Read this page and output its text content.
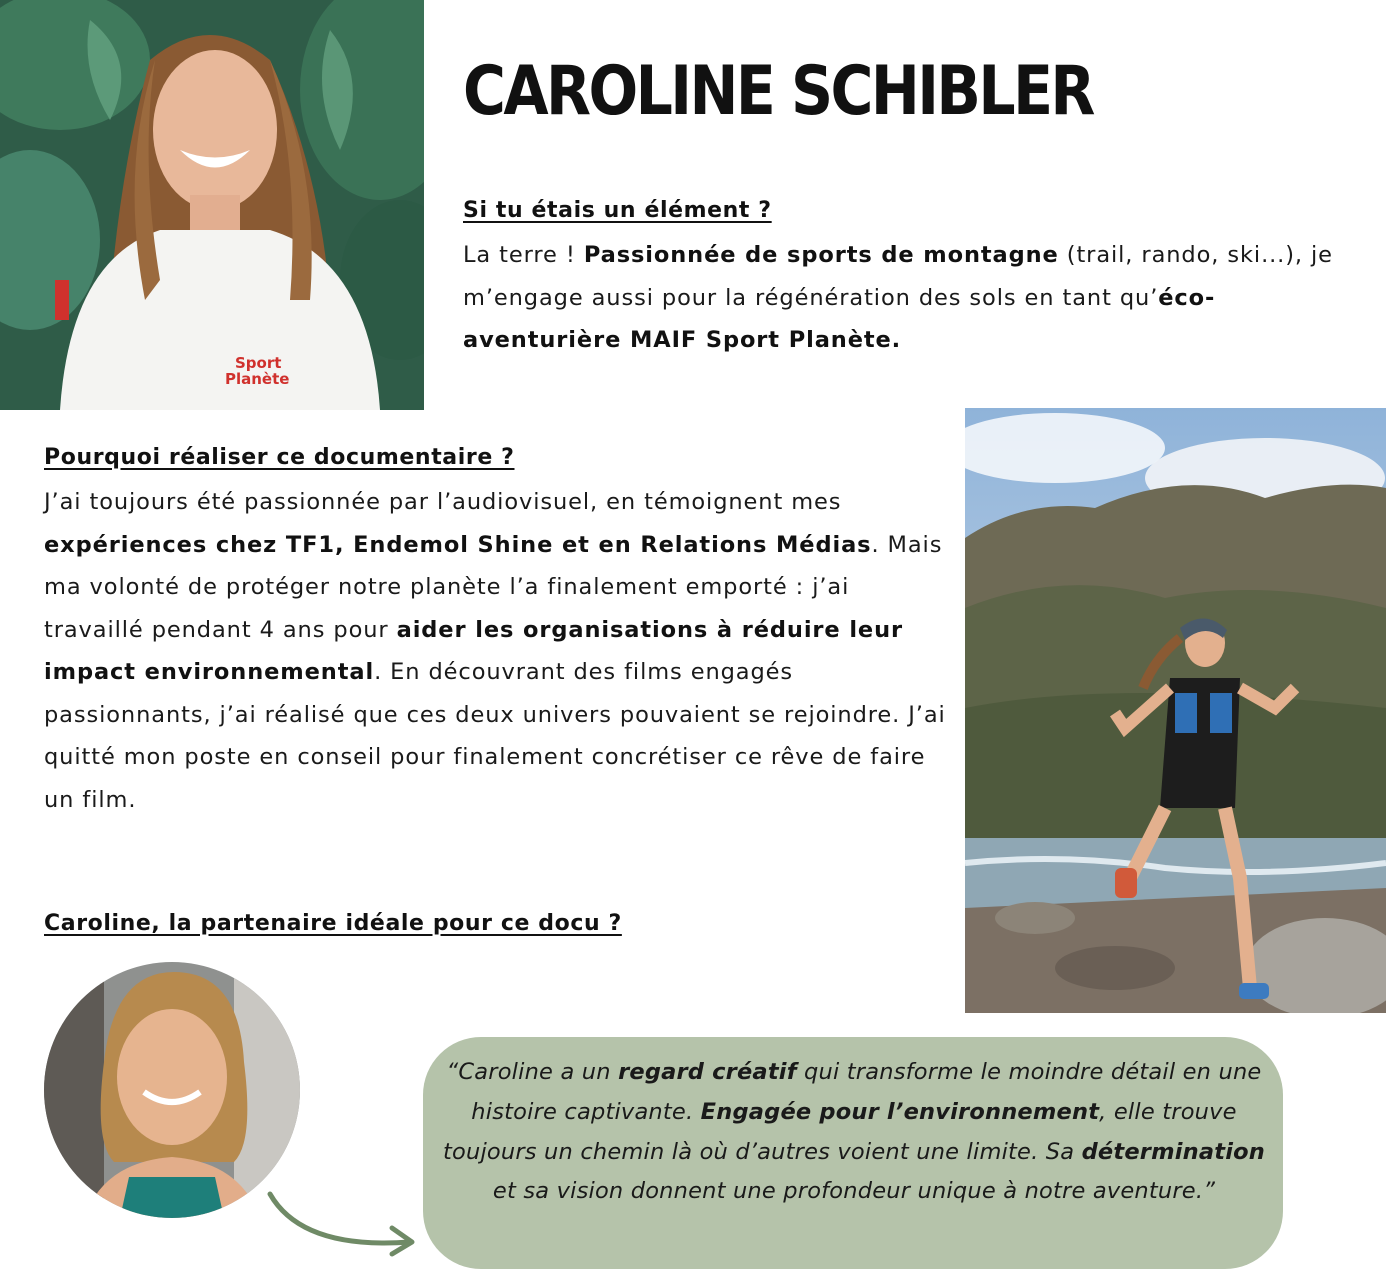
Sport
Planète
CAROLINE SCHIBLER
Si tu étais un élément ?

La terre ! Passionnée de sports de montagne (trail, rando, ski...), je m’engage aussi pour la régénération des sols en tant qu’éco-aventurière MAIF Sport Planète.

Pourquoi réaliser ce documentaire ?

J’ai toujours été passionnée par l’audiovisuel, en témoignent mes expériences chez TF1, Endemol Shine et en Relations Médias. Mais ma volonté de protéger notre planète l’a finalement emporté : j’ai travaillé pendant 4 ans pour aider les organisations à réduire leur impact environnemental. En découvrant des films engagés passionnants, j’ai réalisé que ces deux univers pouvaient se rejoindre. J’ai quitté mon poste en conseil pour finalement concrétiser ce rêve de faire un film.

Caroline, la partenaire idéale pour ce docu ?

“Caroline a un regard créatif qui transforme le moindre détail en une histoire captivante. Engagée pour l’environnement, elle trouve toujours un chemin là où d’autres voient une limite. Sa détermination et sa vision donnent une profondeur unique à notre aventure.”
